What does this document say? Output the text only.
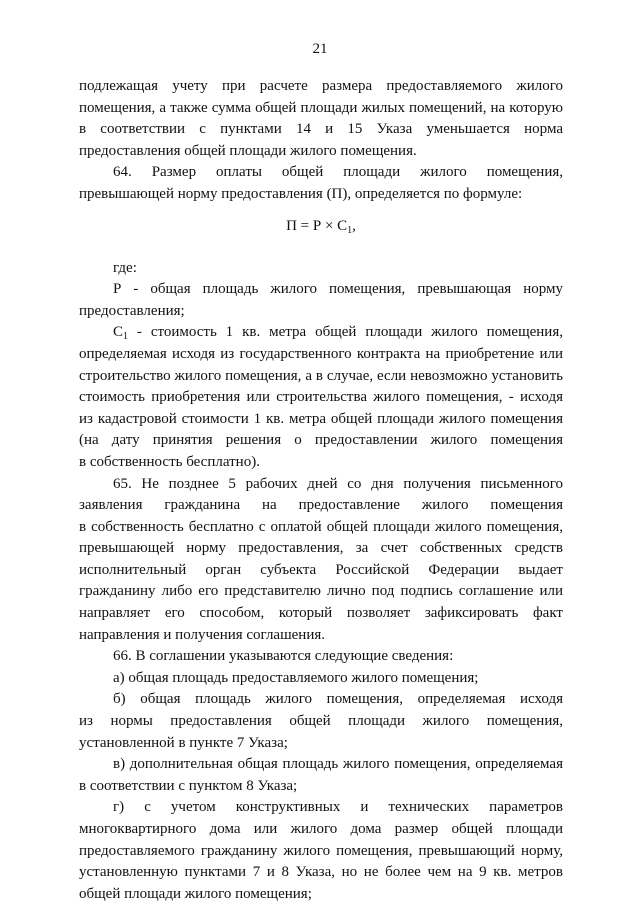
21
подлежащая учету при расчете размера предоставляемого жилого
помещения, а также сумма общей площади жилых помещений, на которую
в соответствии с пунктами 14 и 15 Указа уменьшается норма
предоставления общей площади жилого помещения.
64. Размер оплаты общей площади жилого помещения,
превышающей норму предоставления (П), определяется по формуле:
$П = Р \times С_1$,
где:
Р - общая площадь жилого помещения, превышающая норму
предоставления;
$С_1$ - стоимость 1 кв. метра общей площади жилого помещения,
определяемая исходя из государственного контракта на приобретение или
строительство жилого помещения, а в случае, если невозможно установить
стоимость приобретения или строительства жилого помещения, - исходя
из кадастровой стоимости 1 кв. метра общей площади жилого помещения
(на дату принятия решения о предоставлении жилого помещения
в собственность бесплатно).
65. Не позднее 5 рабочих дней со дня получения письменного
заявления гражданина на предоставление жилого помещения
в собственность бесплатно с оплатой общей площади жилого помещения,
превышающей норму предоставления, за счет собственных средств
исполнительный орган субъекта Российской Федерации выдает
гражданину либо его представителю лично под подпись соглашение или
направляет его способом, который позволяет зафиксировать факт
направления и получения соглашения.
66. В соглашении указываются следующие сведения:
а) общая площадь предоставляемого жилого помещения;
б) общая площадь жилого помещения, определяемая исходя
из нормы предоставления общей площади жилого помещения,
установленной в пункте 7 Указа;
в) дополнительная общая площадь жилого помещения, определяемая
в соответствии с пунктом 8 Указа;
г) с учетом конструктивных и технических параметров
многоквартирного дома или жилого дома размер общей площади
предоставляемого гражданину жилого помещения, превышающий норму,
установленную пунктами 7 и 8 Указа, но не более чем на 9 кв. метров
общей площади жилого помещения;
